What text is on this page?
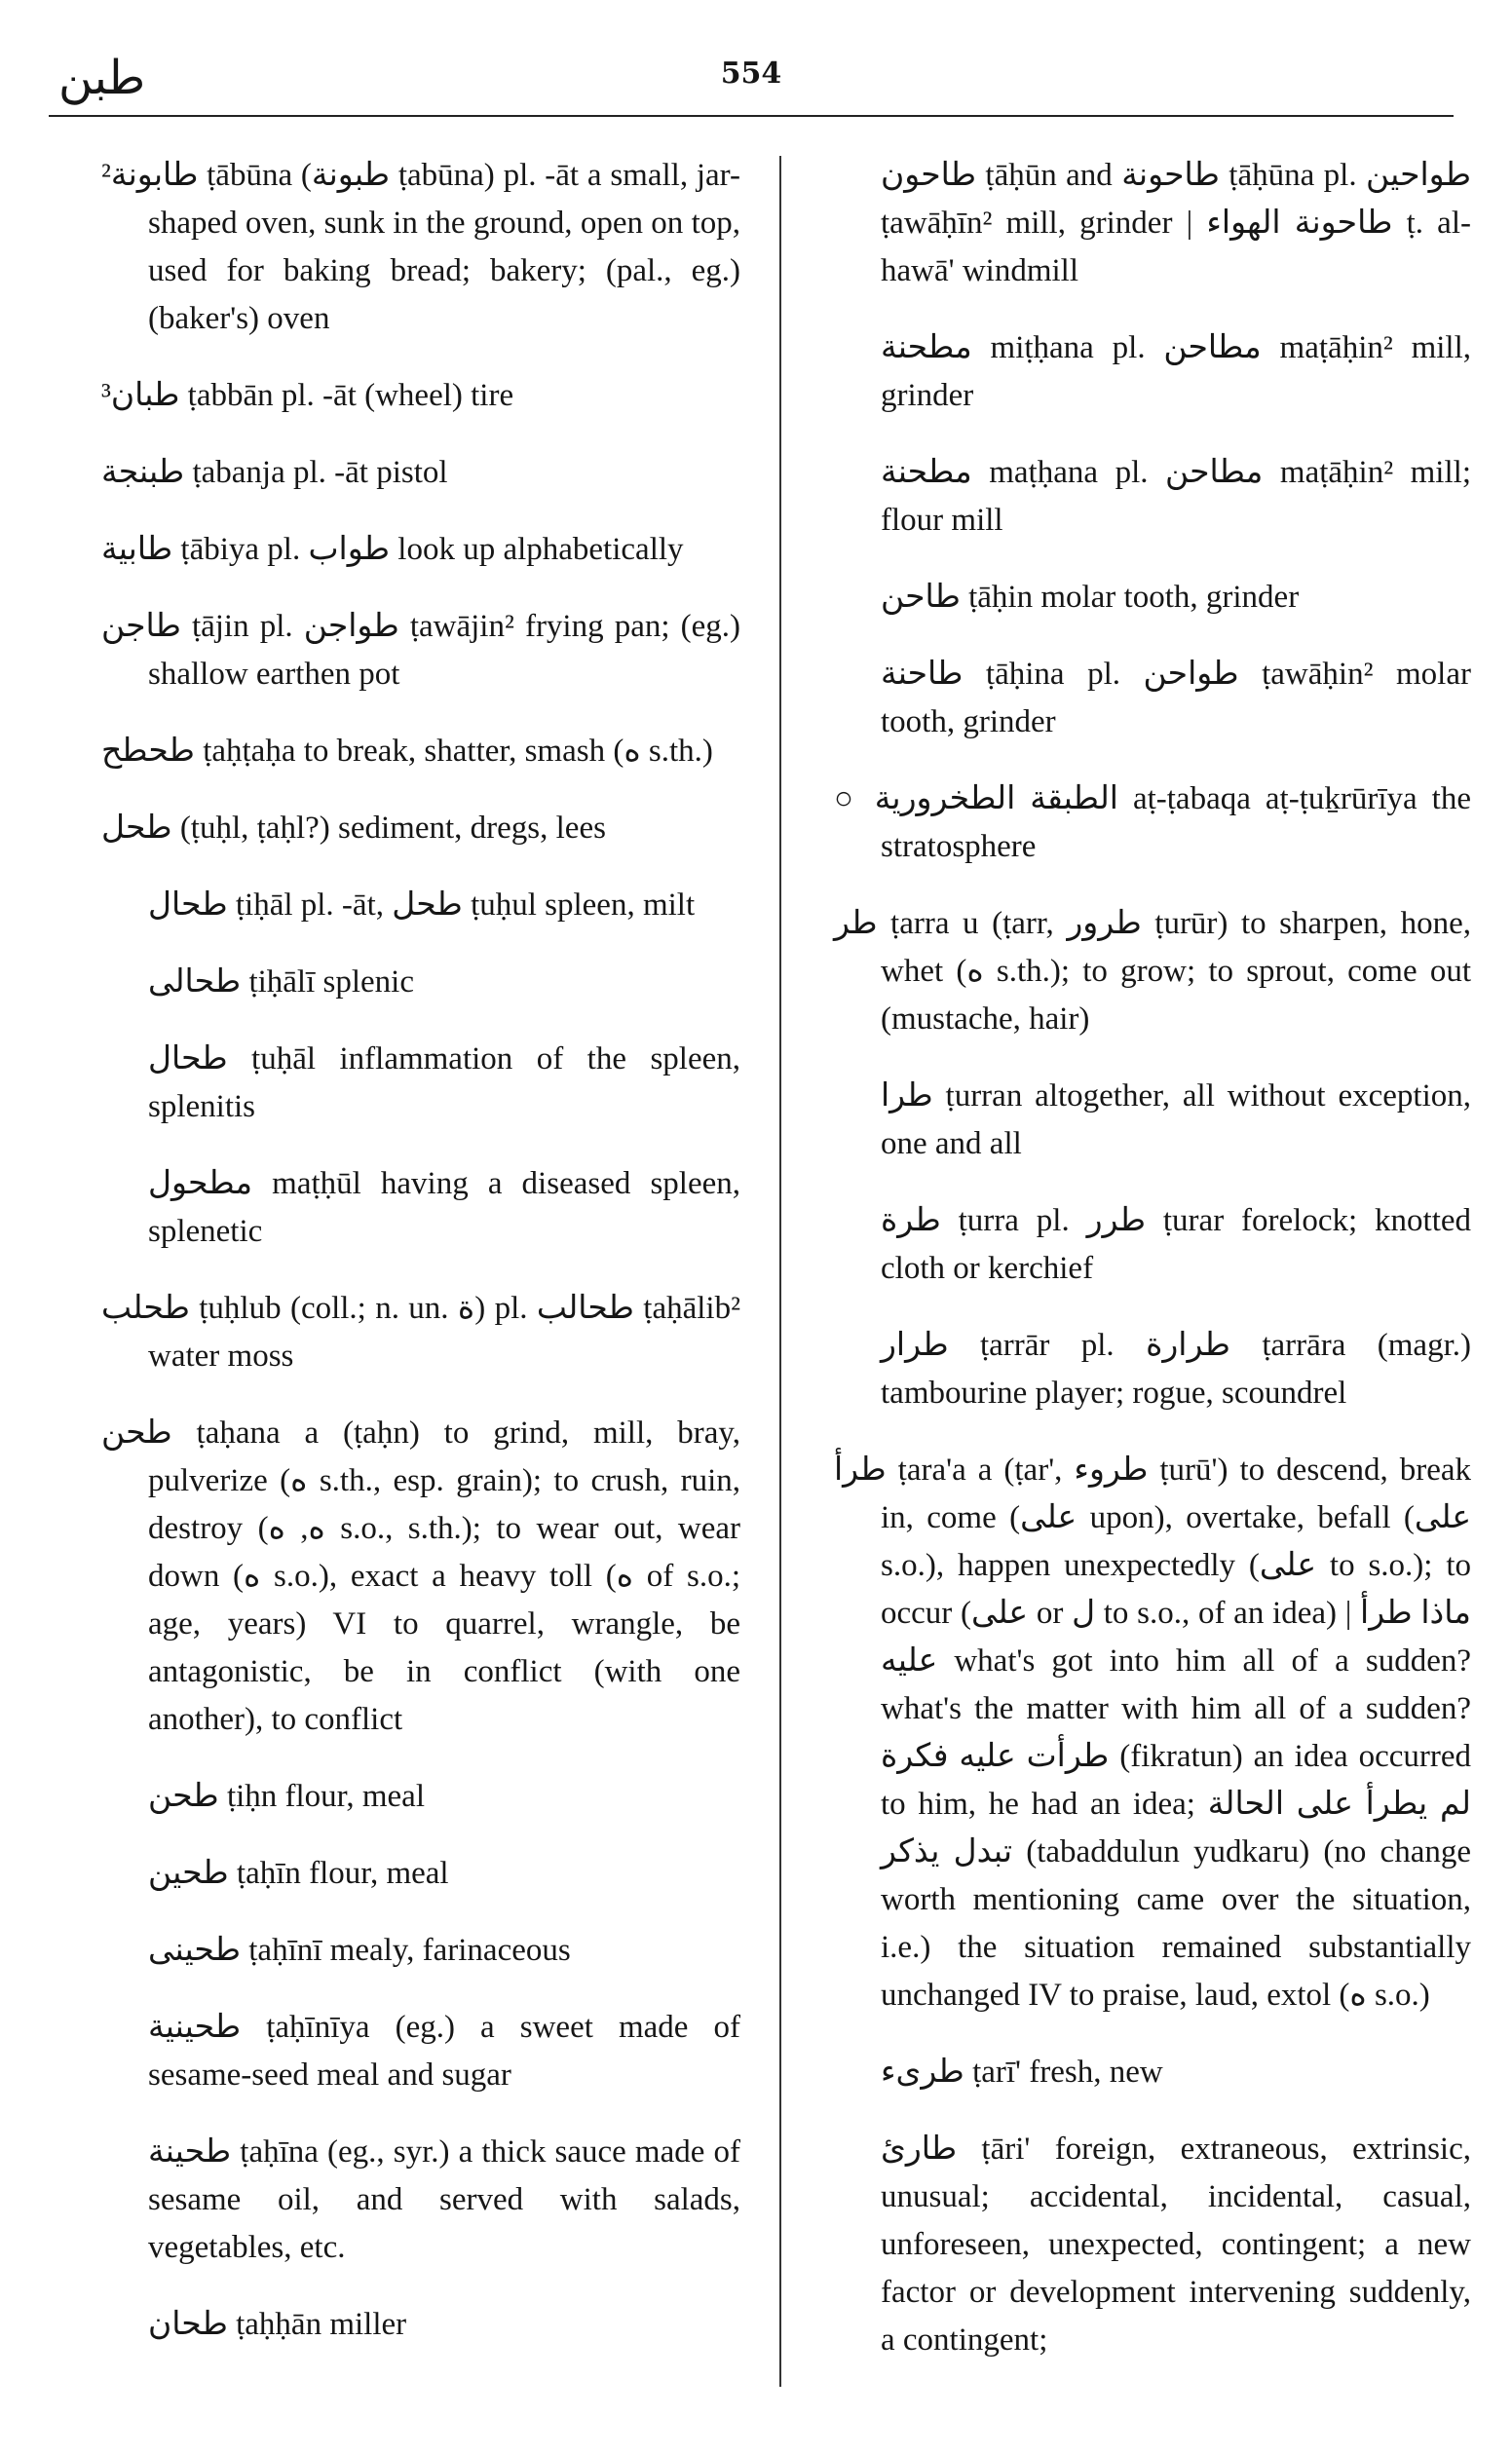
طبن	554

²طابونة ṭābūna (طبونة ṭabūna) pl. -āt a small, jar-shaped oven, sunk in the ground, open on top, used for baking bread; bakery; (pal., eg.) (baker's) oven

³طبان ṭabbān pl. -āt (wheel) tire

طبنجة ṭabanja pl. -āt pistol

طابية ṭābiya pl. طواب look up alphabetically

طاجن ṭājin pl. طواجن ṭawājin² frying pan; (eg.) shallow earthen pot

طحطح ṭaḥṭaḥa to break, shatter, smash (ه s.th.)

طحل (ṭuḥl, ṭaḥl?) sediment, dregs, lees

طحال ṭiḥāl pl. -āt, طحل ṭuḥul spleen, milt

طحالى ṭiḥālī splenic

طحال ṭuḥāl inflammation of the spleen, splenitis

مطحول maṭḥūl having a diseased spleen, splenetic

طحلب ṭuḥlub (coll.; n. un. ة) pl. طحالب ṭaḥālib² water moss

طحن ṭaḥana a (ṭaḥn) to grind, mill, bray, pulverize (ه s.th., esp. grain); to crush, ruin, destroy (ه, ه s.o., s.th.); to wear out, wear down (ه s.o.), exact a heavy toll (ه of s.o.; age, years) VI to quarrel, wrangle, be antagonistic, be in conflict (with one another), to conflict

طحن ṭiḥn flour, meal

طحين ṭaḥīn flour, meal

طحينى ṭaḥīnī mealy, farinaceous

طحينية ṭaḥīnīya (eg.) a sweet made of sesame-seed meal and sugar

طحينة ṭaḥīna (eg., syr.) a thick sauce made of sesame oil, and served with salads, vegetables, etc.

طحان ṭaḥḥān miller

طاحون ṭāḥūn and طاحونة ṭāḥūna pl. طواحين ṭawāḥīn² mill, grinder | طاحونة الهواء ṭ. al-hawā' windmill

مطحنة miṭḥana pl. مطاحن maṭāḥin² mill, grinder

مطحنة maṭḥana pl. مطاحن maṭāḥin² mill; flour mill

طاحن ṭāḥin molar tooth, grinder

طاحنة ṭāḥina pl. طواحن ṭawāḥin² molar tooth, grinder

○ الطبقة الطخرورية aṭ-ṭabaqa aṭ-ṭuḵrūrīya the stratosphere

طر ṭarra u (ṭarr, طرور ṭurūr) to sharpen, hone, whet (ه s.th.); to grow; to sprout, come out (mustache, hair)

طرا ṭurran altogether, all without exception, one and all

طرة ṭurra pl. طرر ṭurar forelock; knotted cloth or kerchief

طرار ṭarrār pl. طرارة ṭarrāra (magr.) tambourine player; rogue, scoundrel

طرأ ṭara'a a (ṭar', طروء ṭurū') to descend, break in, come (على upon), overtake, befall (على s.o.), happen unexpectedly (على to s.o.); to occur (على or ل to s.o., of an idea) | ماذا طرأ عليه what's got into him all of a sudden? what's the matter with him all of a sudden? طرأت عليه فكرة (fikratun) an idea occurred to him, he had an idea; لم يطرأ على الحالة تبدل يذكر (tabaddulun yudkaru) (no change worth mentioning came over the situation, i.e.) the situation remained substantially unchanged IV to praise, laud, extol (ه s.o.)

طرىء ṭarī' fresh, new

طارئ ṭāri' foreign, extraneous, extrinsic, unusual; accidental, incidental, casual, unforeseen, unexpected, contingent; a new factor or development intervening suddenly, a contingent;
